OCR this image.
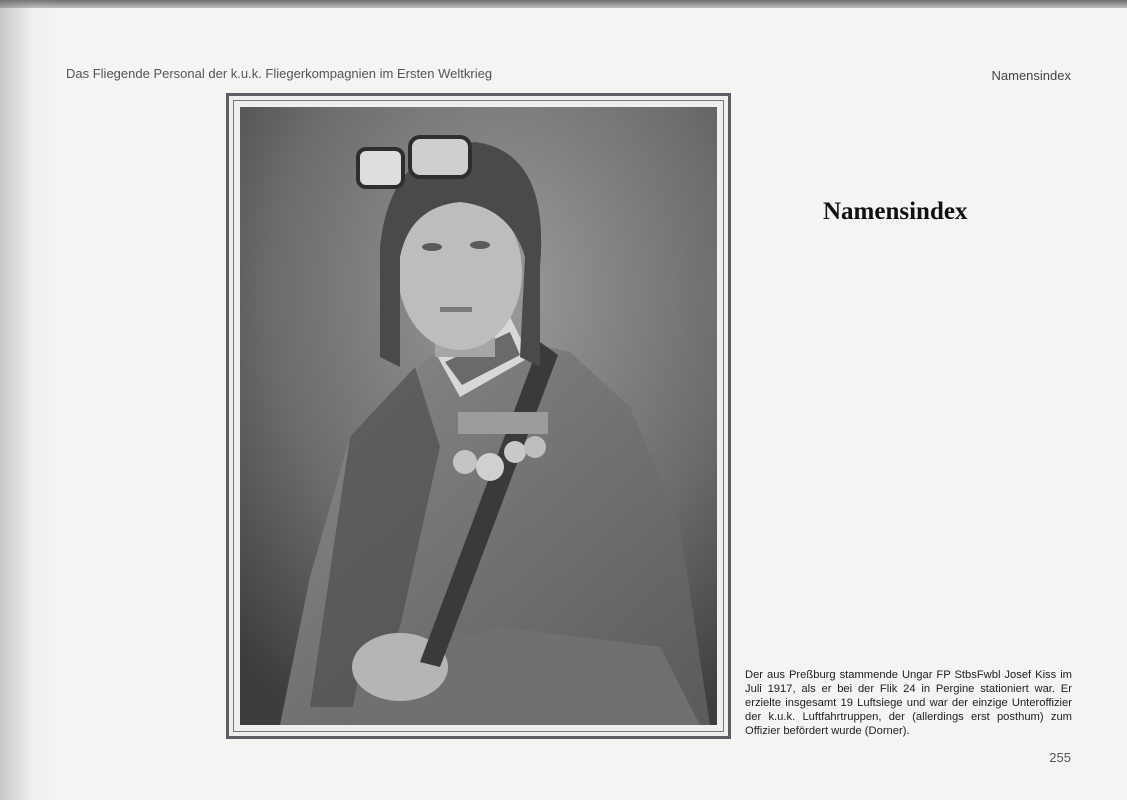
Das Fliegende Personal der k.u.k. Fliegerkompagnien im Ersten Weltkrieg	Namensindex
Namensindex
Der aus Preßburg stammende Ungar FP StbsFwbl Josef Kiss im Juli 1917, als er bei der Flik 24 in Pergine stationiert war. Er erzielte insgesamt 19 Luftsiege und war der einzige Unteroffizier der k.u.k. Luftfahrtruppen, der (allerdings erst posthum) zum Offizier befördert wurde (Dorner).
255
